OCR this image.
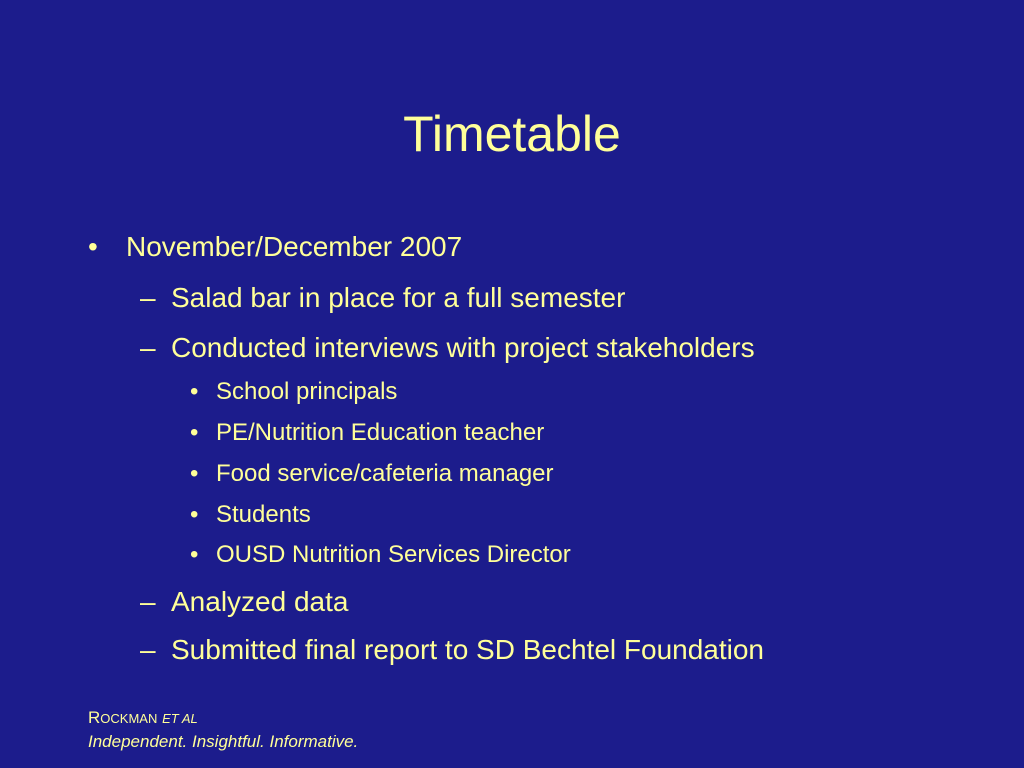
Timetable
• November/December 2007
– Salad bar in place for a full semester
– Conducted interviews with project stakeholders
• School principals
• PE/Nutrition Education teacher
• Food service/cafeteria manager
• Students
• OUSD Nutrition Services Director
– Analyzed data
– Submitted final report to SD Bechtel Foundation
ROCKMAN ET AL
Independent. Insightful. Informative.
